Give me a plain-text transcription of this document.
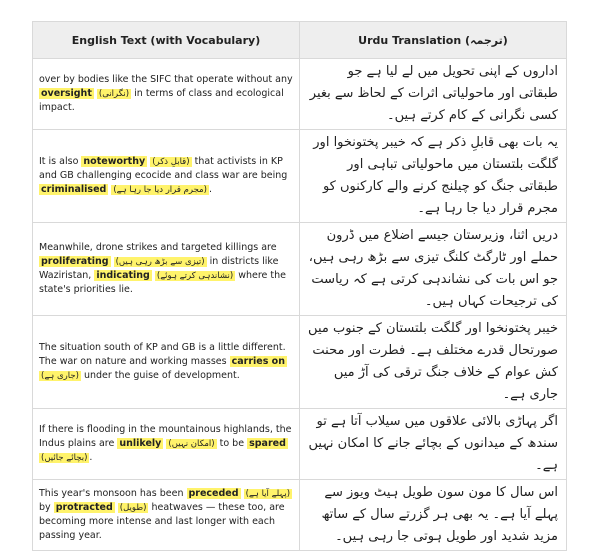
English Text (with Vocabulary)	Urdu Translation (ترجمہ)
over by bodies like the SIFC that operate without any oversight (نگرانی) in terms of class and ecological impact.	اداروں کے اپنی تحویل میں لے لیا ہے جو طبقاتی اور ماحولیاتی اثرات کے لحاظ سے بغیر کسی نگرانی کے کام کرتے ہیں۔
It is also noteworthy (قابلِ ذکر) that activists in KP and GB challenging ecocide and class war are being criminalised (مجرم قرار دیا جا رہا ہے) .	یہ بات بھی قابلِ ذکر ہے کہ خیبر پختونخوا اور گلگت بلتستان میں ماحولیاتی تباہی اور طبقاتی جنگ کو چیلنج کرنے والے کارکنوں کو مجرم قرار دیا جا رہا ہے۔
Meanwhile, drone strikes and targeted killings are proliferating (تیزی سے بڑھ رہی ہیں) in districts like Waziristan, indicating (نشاندہی کرتے ہوئے) where the state's priorities lie.	دریں اثنا، وزیرستان جیسے اضلاع میں ڈرون حملے اور ٹارگٹ کلنگ تیزی سے بڑھ رہی ہیں، جو اس بات کی نشاندہی کرتی ہے کہ ریاست کی ترجیحات کہاں ہیں۔
The situation south of KP and GB is a little different. The war on nature and working masses carries on (جاری ہے) under the guise of development.	خیبر پختونخوا اور گلگت بلتستان کے جنوب میں صورتحال قدرے مختلف ہے۔ فطرت اور محنت کش عوام کے خلاف جنگ ترقی کی آڑ میں جاری ہے۔
If there is flooding in the mountainous highlands, the Indus plains are unlikely (امکان نہیں) to be spared (بچائے جائیں) .	اگر پہاڑی بالائی علاقوں میں سیلاب آتا ہے تو سندھ کے میدانوں کے بچائے جانے کا امکان نہیں ہے۔
This year's monsoon has been preceded (پہلے آیا ہے) by protracted (طویل) heatwaves — these too, are becoming more intense and last longer with each passing year.	اس سال کا مون سون طویل ہیٹ ویوز سے پہلے آیا ہے۔ یہ بھی ہر گزرتے سال کے ساتھ مزید شدید اور طویل ہوتی جا رہی ہیں۔
